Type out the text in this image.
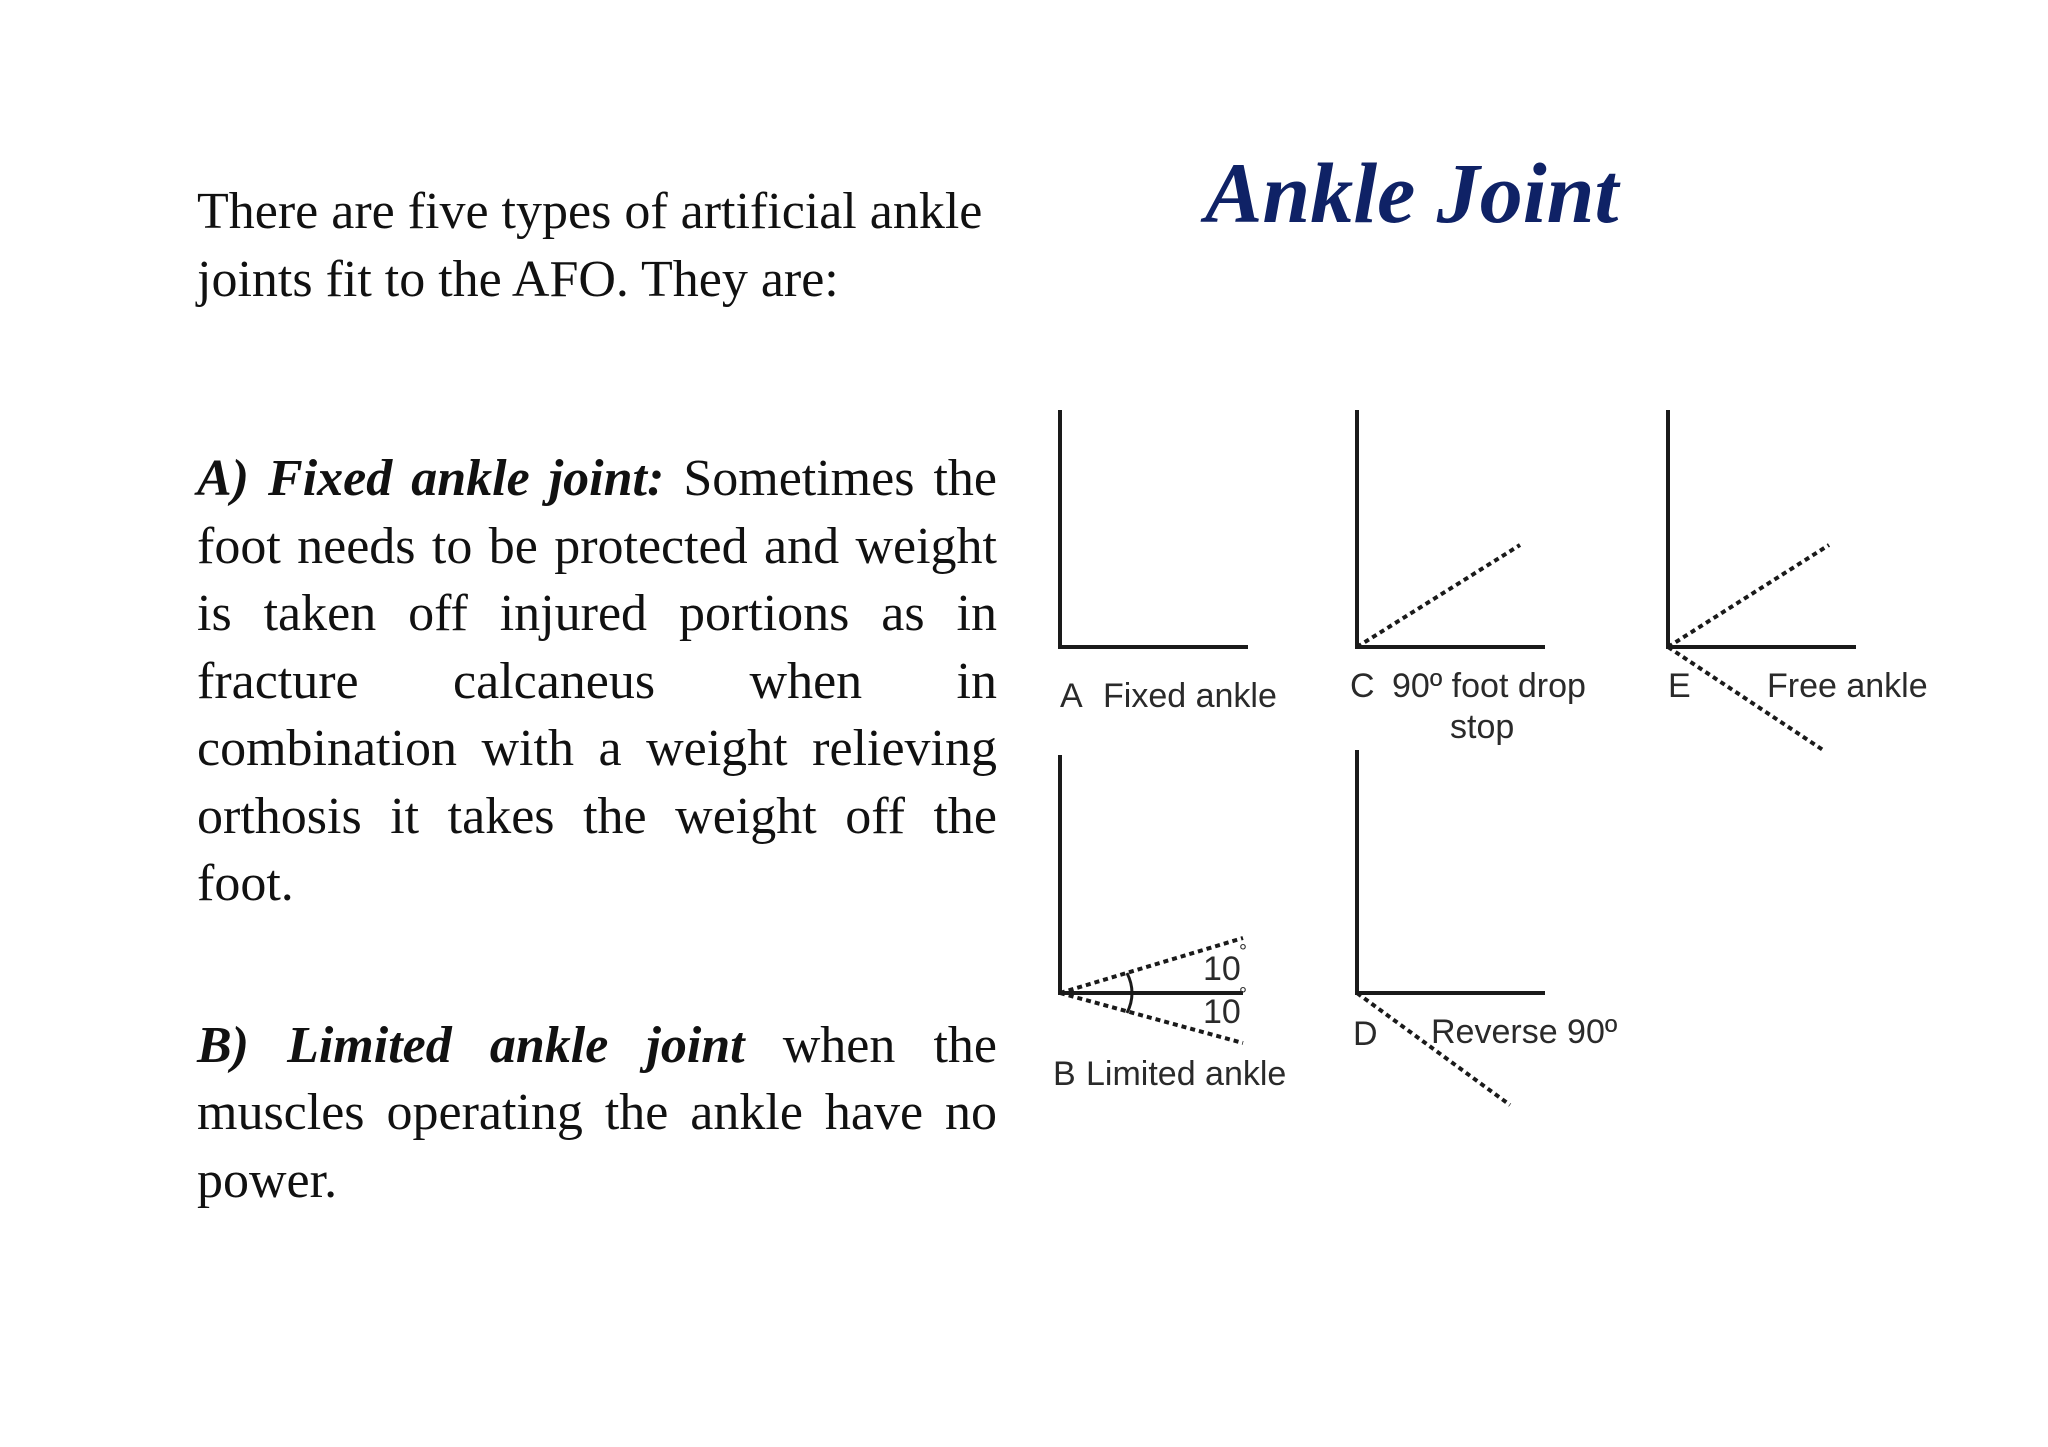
Ankle Joint

There are five types of artificial ankle joints fit to the AFO. They are:

A) Fixed ankle joint: Sometimes the foot needs to be protected and weight is taken off injured portions as in fracture calcaneus when in combination with a weight relieving orthosis it takes the weight off the foot.

B) Limited ankle joint when the muscles operating the ankle have no power.

A Fixed ankle C 90º foot drop
stop
E Free ankle
10
°
10
°
B Limited ankle
D Reverse 90º
